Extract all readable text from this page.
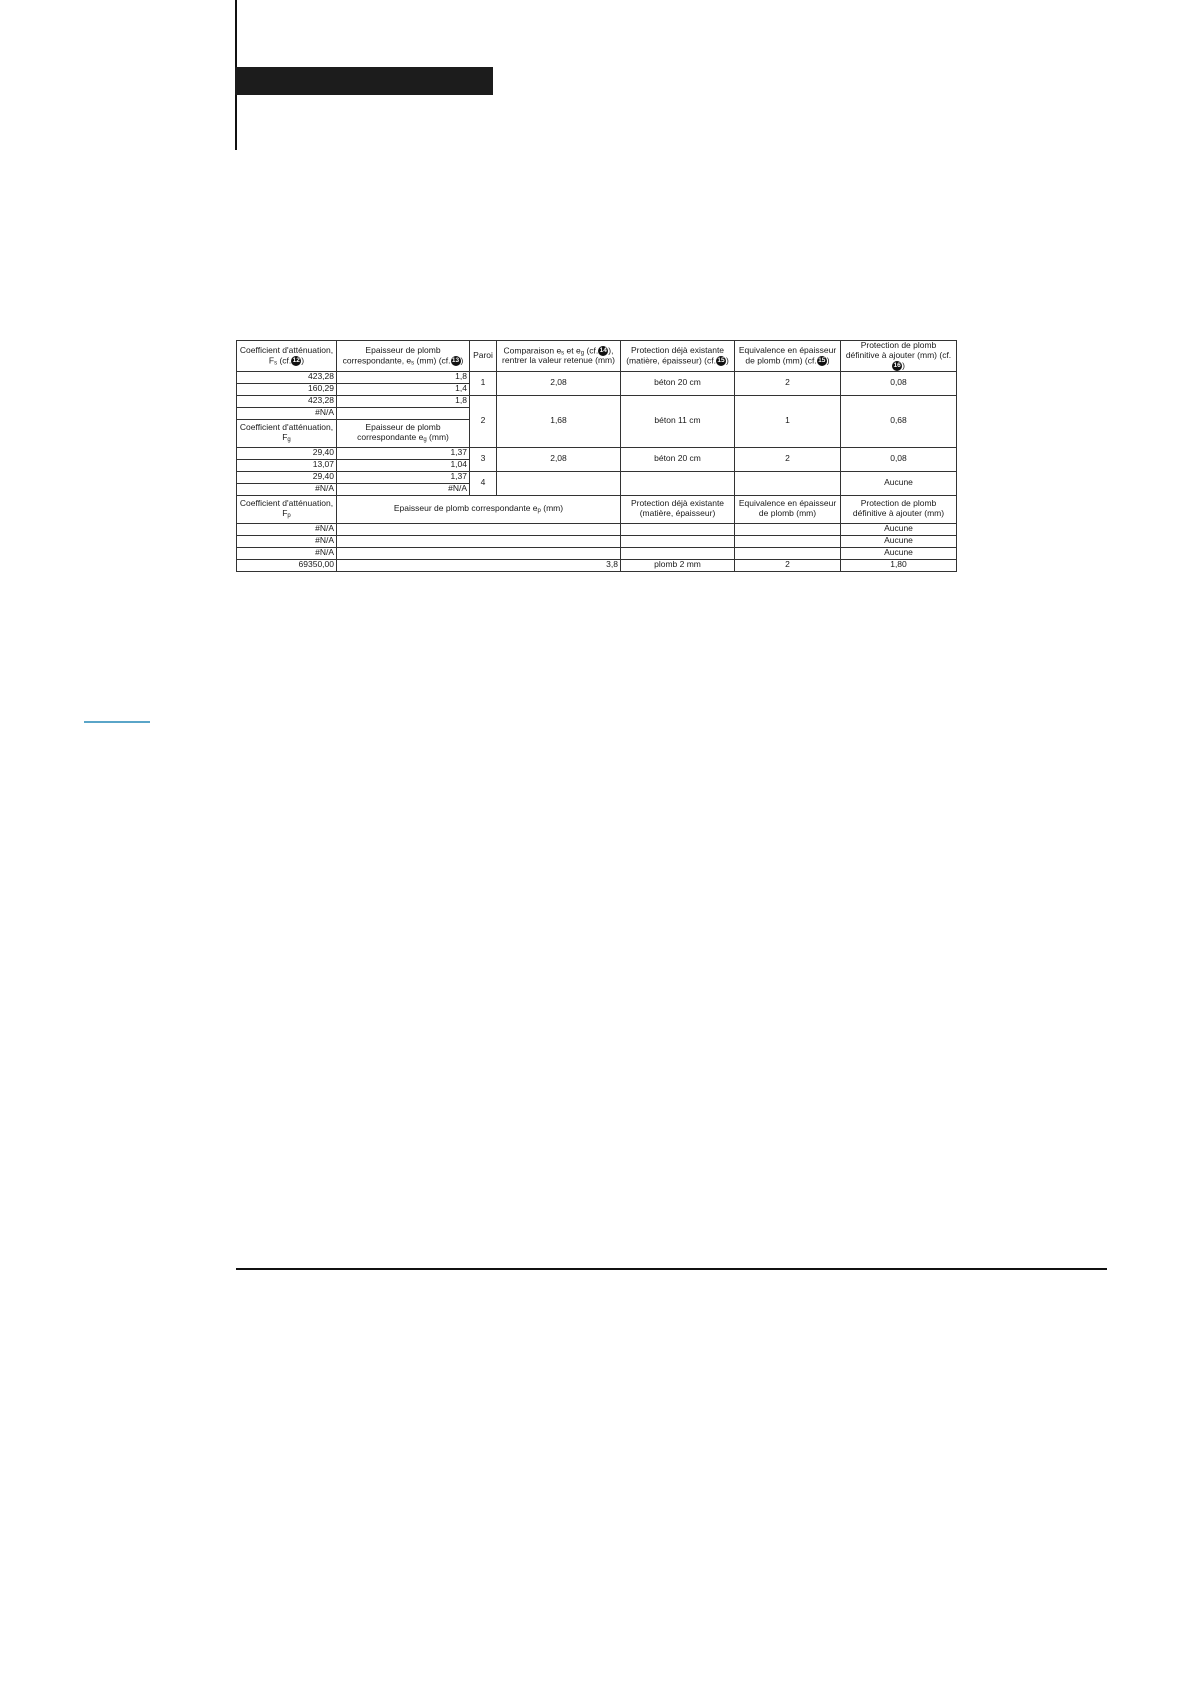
Coefficient d'atténuation, $F_s$ (cf.12)	Epaisseur de plomb correspondante, $e_s$ (mm) (cf.13)	Paroi	Comparaison $e_s$ et $e_g$ (cf.14), rentrer la valeur retenue (mm)	Protection déjà existante (matière, épaisseur) (cf.15)	Equivalence en épaisseur de plomb (mm) (cf.15)	Protection de plomb définitive à ajouter (mm) (cf.16)
423,28	1,8	1	2,08	béton 20 cm	2	0,08
160,29	1,4					
423,28	1,8	2	1,68	béton 11 cm	1	0,68
#N/A						
Coefficient d'atténuation, $F_g$	Epaisseur de plomb correspondante $e_g$ (mm)					
29,40	1,37	3	2,08	béton 20 cm	2	0,08
13,07	1,04					
29,40	1,37	4				Aucune
#N/A	#N/A					
Coefficient d'atténuation, $F_p$	Epaisseur de plomb correspondante $e_p$ (mm)			Protection déjà existante (matière, épaisseur)	Equivalence en épaisseur de plomb (mm)	Protection de plomb définitive à ajouter (mm)
#N/A						Aucune
#N/A						Aucune
#N/A						Aucune
69350,00	3,8			plomb 2 mm	2	1,80
